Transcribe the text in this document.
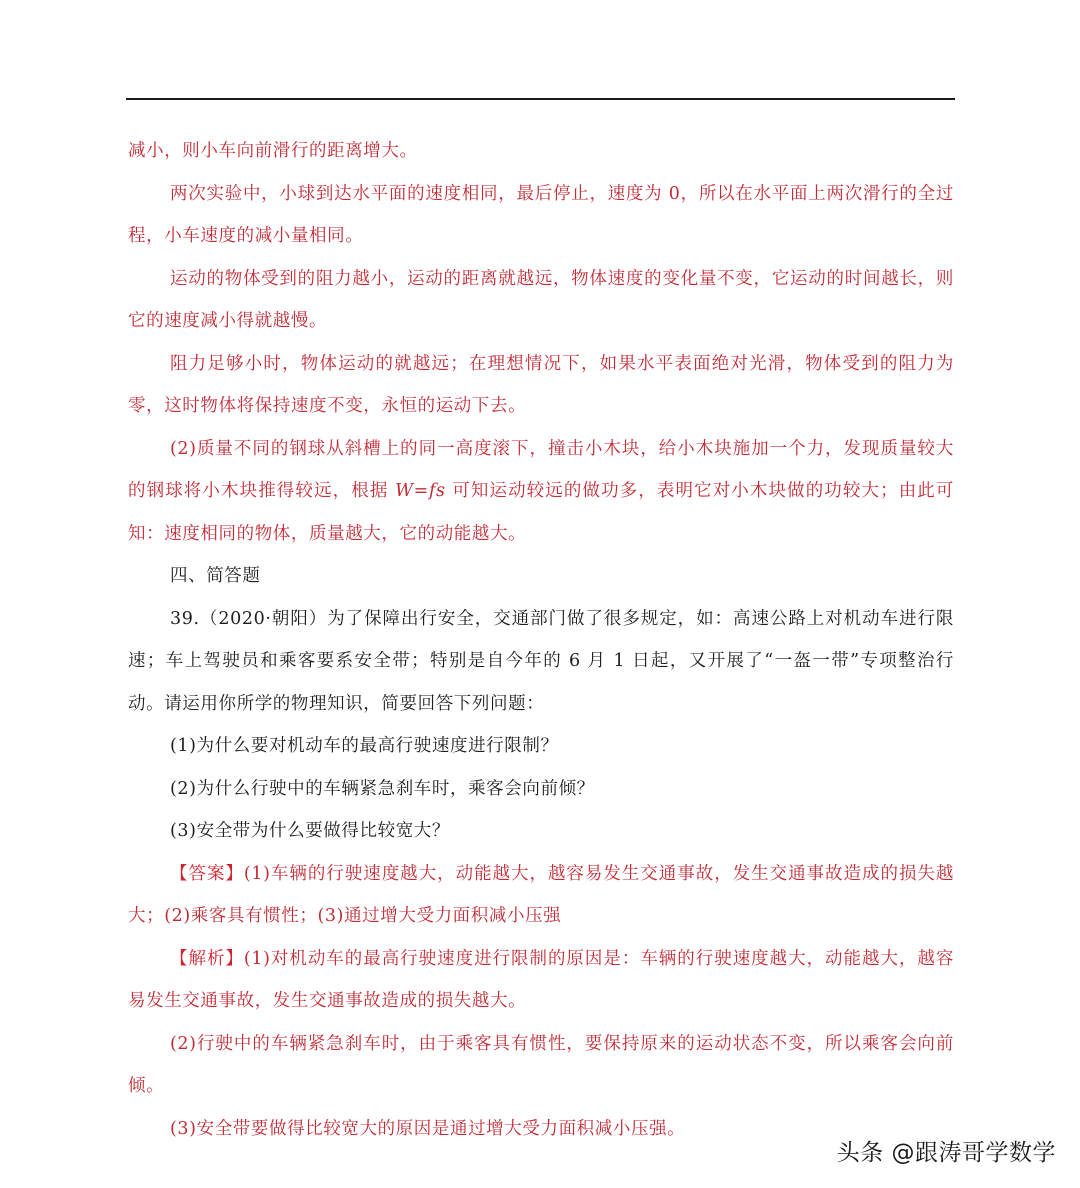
减小，则小车向前滑行的距离增大。

两次实验中，小球到达水平面的速度相同，最后停止，速度为 0，所以在水平面上两次滑行的全过程，小车速度的减小量相同。

运动的物体受到的阻力越小，运动的距离就越远，物体速度的变化量不变，它运动的时间越长，则它的速度减小得就越慢。

阻力足够小时，物体运动的就越远；在理想情况下，如果水平表面绝对光滑，物体受到的阻力为零，这时物体将保持速度不变，永恒的运动下去。

(2)质量不同的钢球从斜槽上的同一高度滚下，撞击小木块，给小木块施加一个力，发现质量较大的钢球将小木块推得较远，根据 W=fs 可知运动较远的做功多，表明它对小木块做的功较大；由此可知：速度相同的物体，质量越大，它的动能越大。

四、简答题

39.（2020·朝阳）为了保障出行安全，交通部门做了很多规定，如：高速公路上对机动车进行限速；车上驾驶员和乘客要系安全带；特别是自今年的 6 月 1 日起，又开展了“一盔一带”专项整治行动。请运用你所学的物理知识，简要回答下列问题：

(1)为什么要对机动车的最高行驶速度进行限制？

(2)为什么行驶中的车辆紧急刹车时，乘客会向前倾？

(3)安全带为什么要做得比较宽大？

【答案】(1)车辆的行驶速度越大，动能越大，越容易发生交通事故，发生交通事故造成的损失越大；(2)乘客具有惯性；(3)通过增大受力面积减小压强

【解析】(1)对机动车的最高行驶速度进行限制的原因是：车辆的行驶速度越大，动能越大，越容易发生交通事故，发生交通事故造成的损失越大。

(2)行驶中的车辆紧急刹车时，由于乘客具有惯性，要保持原来的运动状态不变，所以乘客会向前倾。

(3)安全带要做得比较宽大的原因是通过增大受力面积减小压强。

头条 @跟涛哥学数学
